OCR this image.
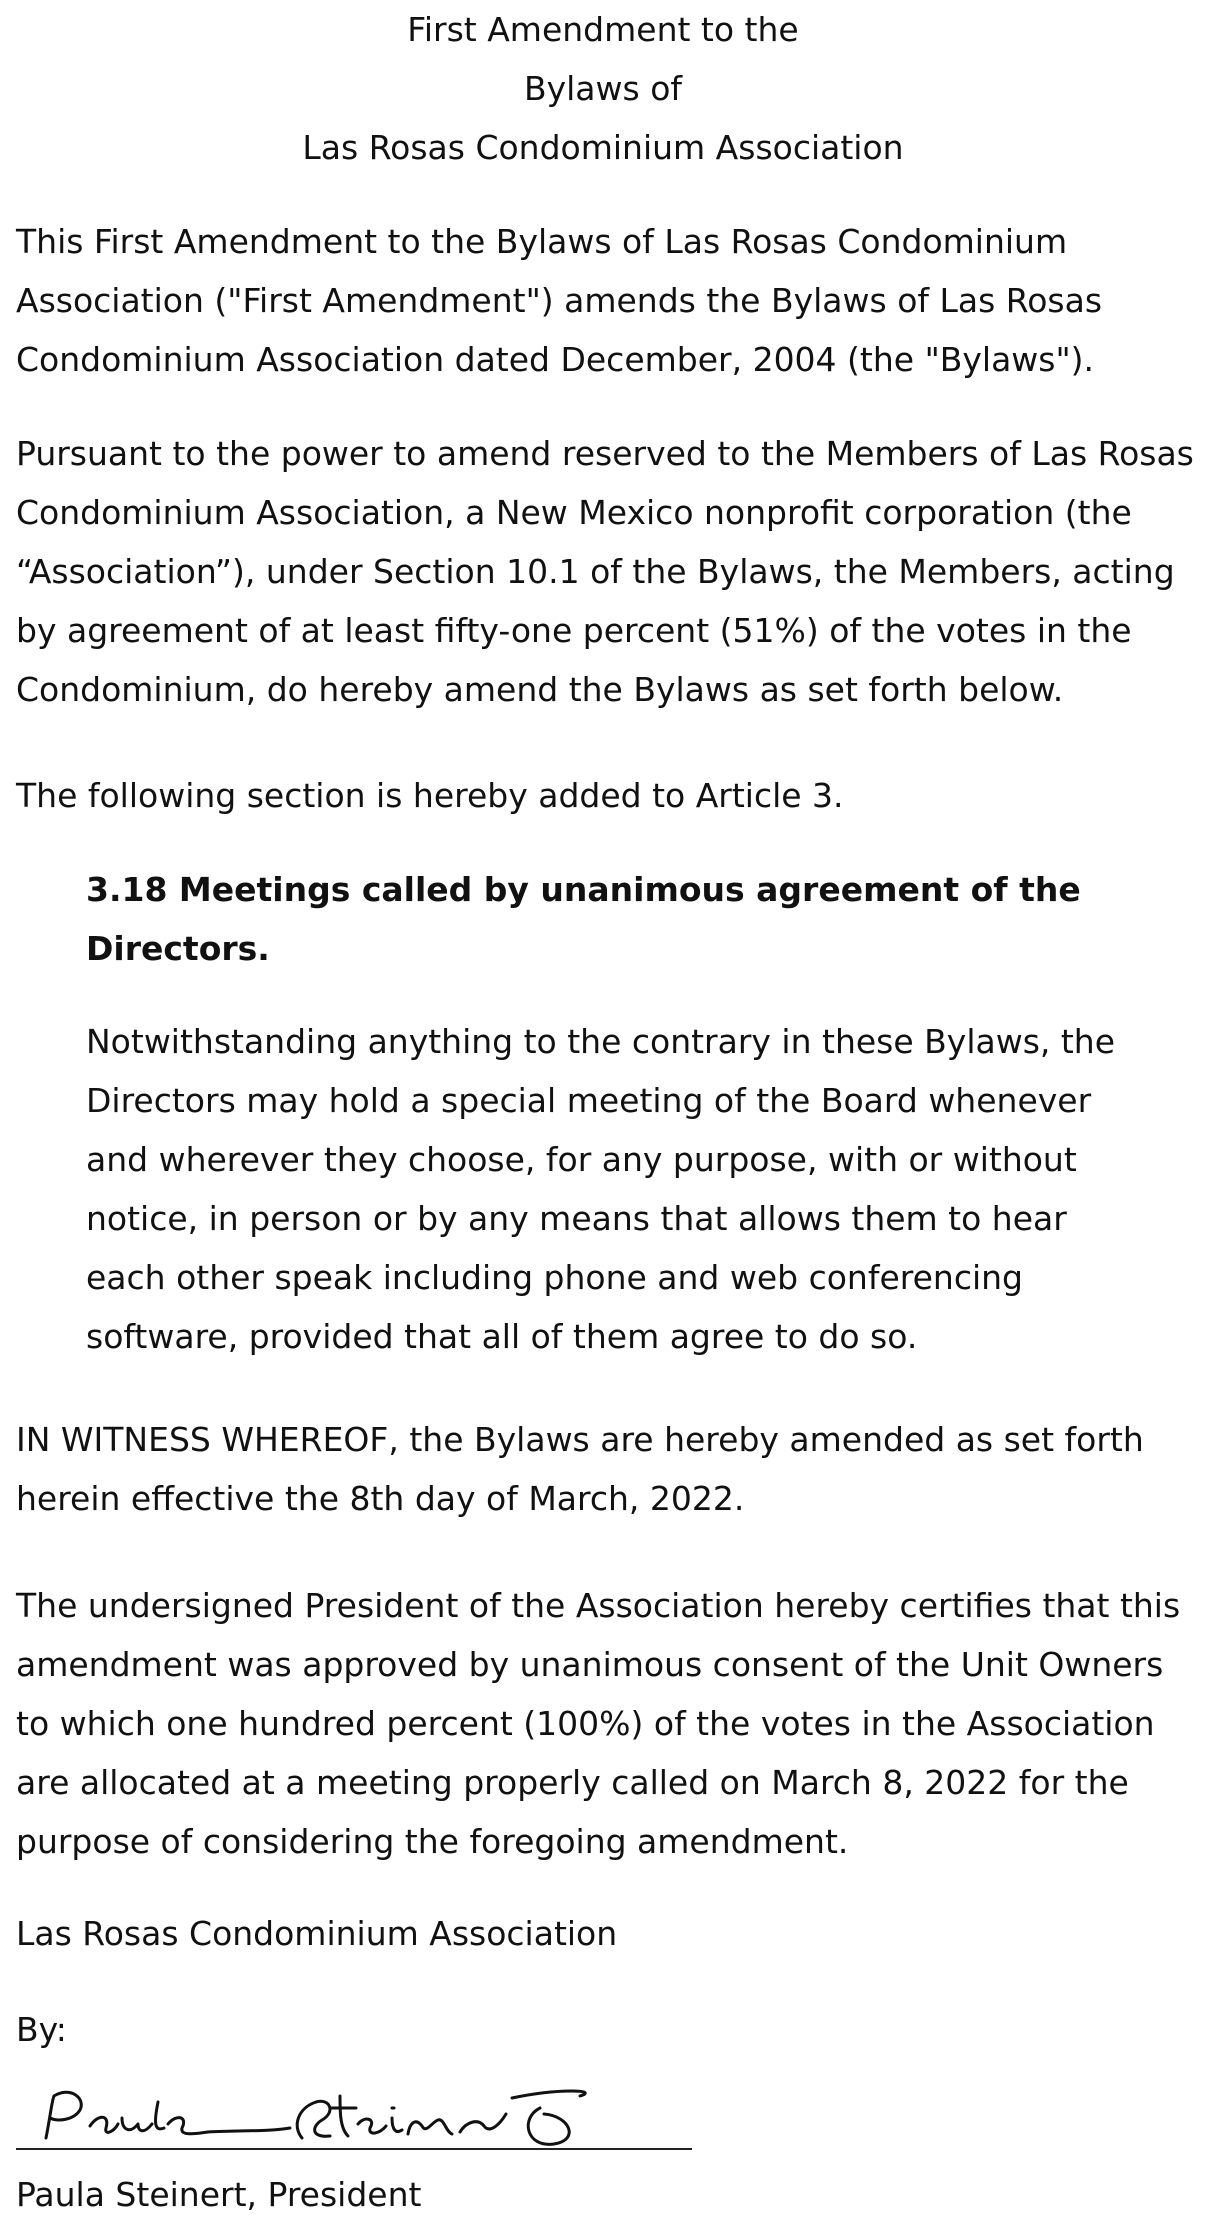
First Amendment to the
Bylaws of
Las Rosas Condominium Association

This First Amendment to the Bylaws of Las Rosas Condominium Association ("First Amendment") amends the Bylaws of Las Rosas Condominium Association dated December, 2004 (the "Bylaws").

Pursuant to the power to amend reserved to the Members of Las Rosas Condominium Association, a New Mexico nonprofit corporation (the “Association”), under Section 10.1 of the Bylaws, the Members, acting by agreement of at least fifty-one percent (51%) of the votes in the Condominium, do hereby amend the Bylaws as set forth below.

The following section is hereby added to Article 3.

3.18 Meetings called by unanimous agreement of the Directors.

Notwithstanding anything to the contrary in these Bylaws, the Directors may hold a special meeting of the Board whenever and wherever they choose, for any purpose, with or without notice, in person or by any means that allows them to hear each other speak including phone and web conferencing software, provided that all of them agree to do so.

IN WITNESS WHEREOF, the Bylaws are hereby amended as set forth herein effective the 8th day of March, 2022.

The undersigned President of the Association hereby certifies that this amendment was approved by unanimous consent of the Unit Owners to which one hundred percent (100%) of the votes in the Association are allocated at a meeting properly called on March 8, 2022 for the purpose of considering the foregoing amendment.

Las Rosas Condominium Association

By:

Paula Steinert, President
